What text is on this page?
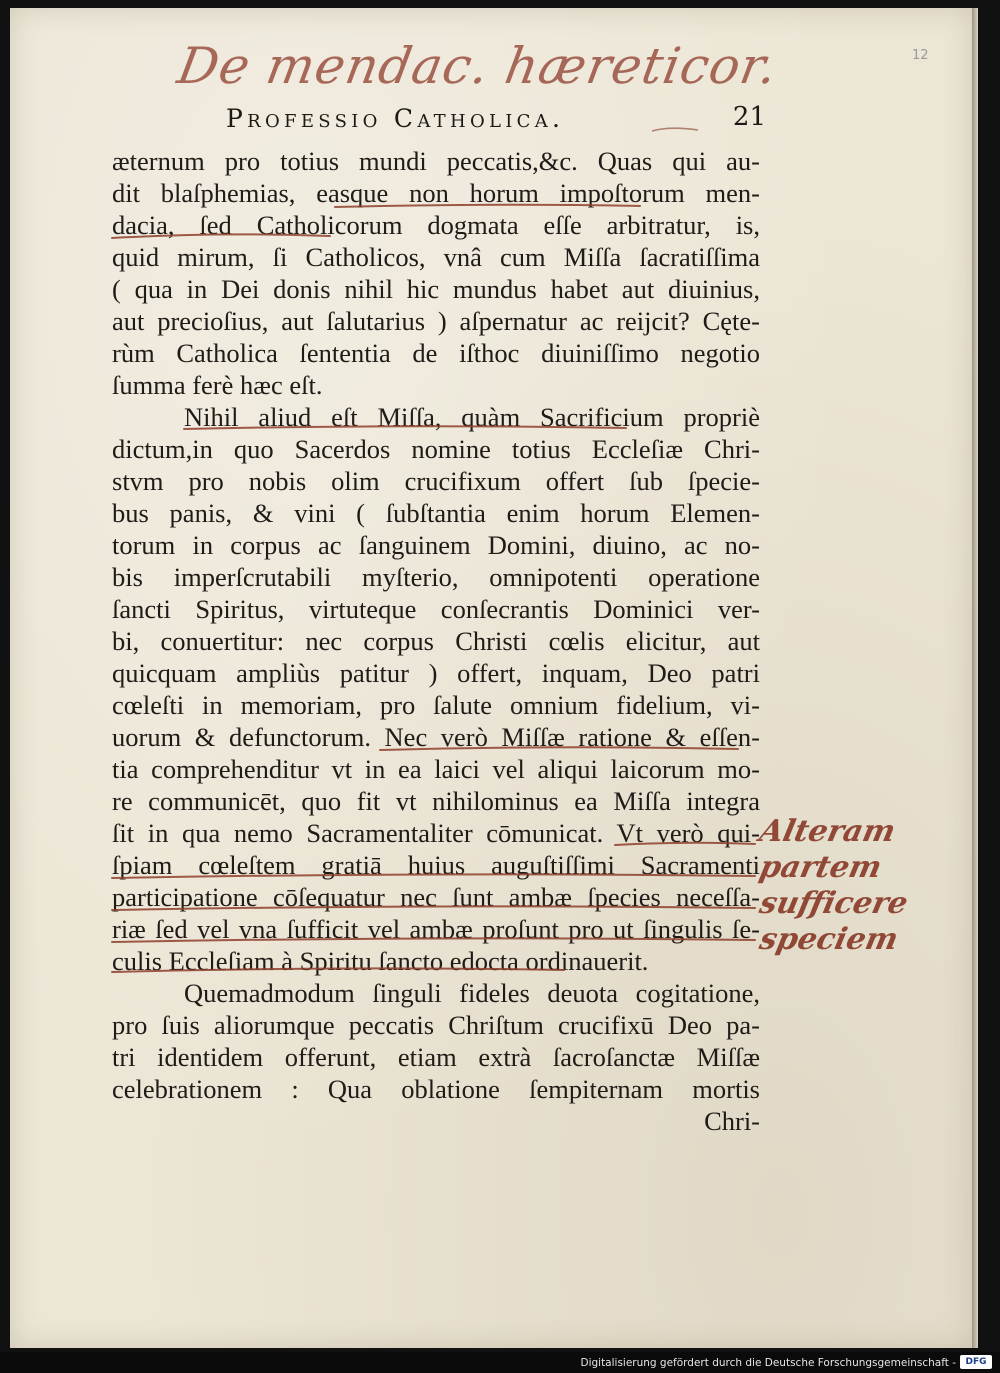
12
De mendac. hæreticor.
Professio Catholica.	21
æternum pro totius mundi peccatis,&c. Quas qui au-
dit blaſphemias, easque non horum impoſtorum men-
dacia, ſed Catholicorum dogmata eſſe arbitratur, is,
quid mirum, ſi Catholicos, vnâ cum Miſſa ſacratiſſima
( qua in Dei donis nihil hic mundus habet aut diuinius,
aut precioſius, aut ſalutarius ) aſpernatur ac reijcit? Cęte-
rùm Catholica ſententia de iſthoc diuiniſſimo negotio
ſumma ferè hæc eſt.
Nihil aliud eſt Miſſa, quàm Sacrificium propriè
dictum,in quo Sacerdos nomine totius Eccleſiæ Chri-
stvm pro nobis olim crucifixum offert ſub ſpecie-
bus panis, & vini ( ſubſtantia enim horum Elemen-
torum in corpus ac ſanguinem Domini, diuino, ac no-
bis imperſcrutabili myſterio, omnipotenti operatione
ſancti Spiritus, virtuteque conſecrantis Dominici ver-
bi, conuertitur: nec corpus Christi cœlis elicitur, aut
quicquam ampliùs patitur ) offert, inquam, Deo patri
cœleſti in memoriam, pro ſalute omnium fidelium, vi-
uorum & defunctorum. Nec verò Miſſæ ratione & eſſen-
tia comprehenditur vt in ea laici vel aliqui laicorum mo-
re communicēt, quo fit vt nihilominus ea Miſſa integra
ſit in qua nemo Sacramentaliter cōmunicat. Vt verò qui-
ſpiam cœleſtem gratiā huius auguſtiſſimi Sacramenti
participatione cōſequatur nec ſunt ambæ ſpecies neceſſa-
riæ ſed vel vna ſufficit vel ambæ proſunt pro ut ſingulis ſe-
culis Eccleſiam à Spiritu ſancto edocta ordinauerit.
Quemadmodum ſinguli fideles deuota cogitatione,
pro ſuis aliorumque peccatis Chriſtum crucifixū Deo pa-
tri identidem offerunt, etiam extrà ſacroſanctæ Miſſæ
celebrationem : Qua oblatione ſempiternam mortis
Chri-
Alteram
partem
sufficere
speciem
Digitalisierung gefördert durch die Deutsche Forschungsgemeinschaft -	DFG
